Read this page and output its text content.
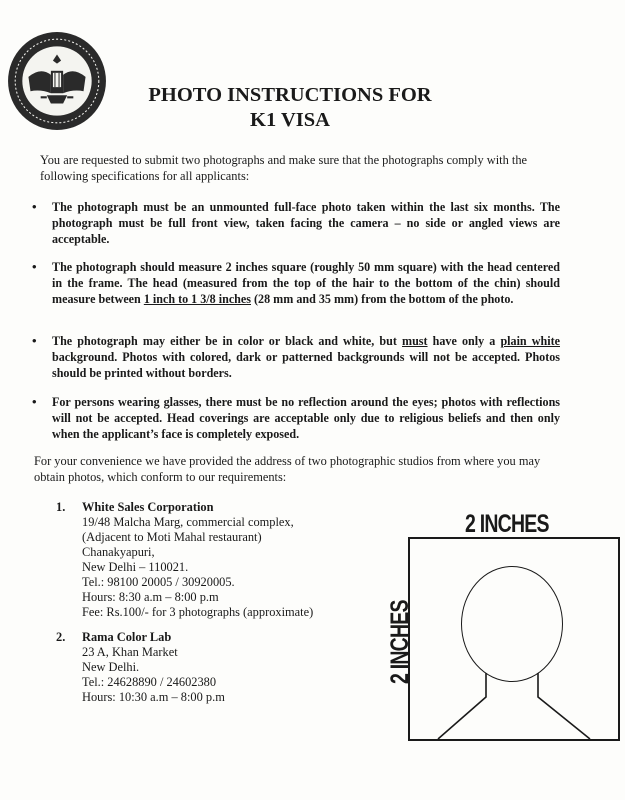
PHOTO INSTRUCTIONS FOR
K1 VISA
You are requested to submit two photographs and make sure that the photographs comply with the following specifications for all applicants:
• The photograph must be an unmounted full-face photo taken within the last six months. The photograph must be full front view, taken facing the camera – no side or angled views are acceptable.
• The photograph should measure 2 inches square (roughly 50 mm square) with the head centered in the frame. The head (measured from the top of the hair to the bottom of the chin) should measure between 1 inch to 1 3/8 inches (28 mm and 35 mm) from the bottom of the photo.
• The photograph may either be in color or black and white, but must have only a plain white background. Photos with colored, dark or patterned backgrounds will not be accepted. Photos should be printed without borders.
• For persons wearing glasses, there must be no reflection around the eyes; photos with reflections will not be accepted. Head coverings are acceptable only due to religious beliefs and then only when the applicant’s face is completely exposed.
For your convenience we have provided the address of two photographic studios from where you may obtain photos, which conform to our requirements:
1. White Sales Corporation
19/48 Malcha Marg, commercial complex,
(Adjacent to Moti Mahal restaurant)
Chanakyapuri,
New Delhi – 110021.
Tel.: 98100 20005 / 30920005.
Hours: 8:30 a.m – 8:00 p.m
Fee: Rs.100/- for 3 photographs (approximate)
2. Rama Color Lab
23 A, Khan Market
New Delhi.
Tel.: 24628890 / 24602380
Hours: 10:30 a.m – 8:00 p.m
2 INCHES
2 INCHES
